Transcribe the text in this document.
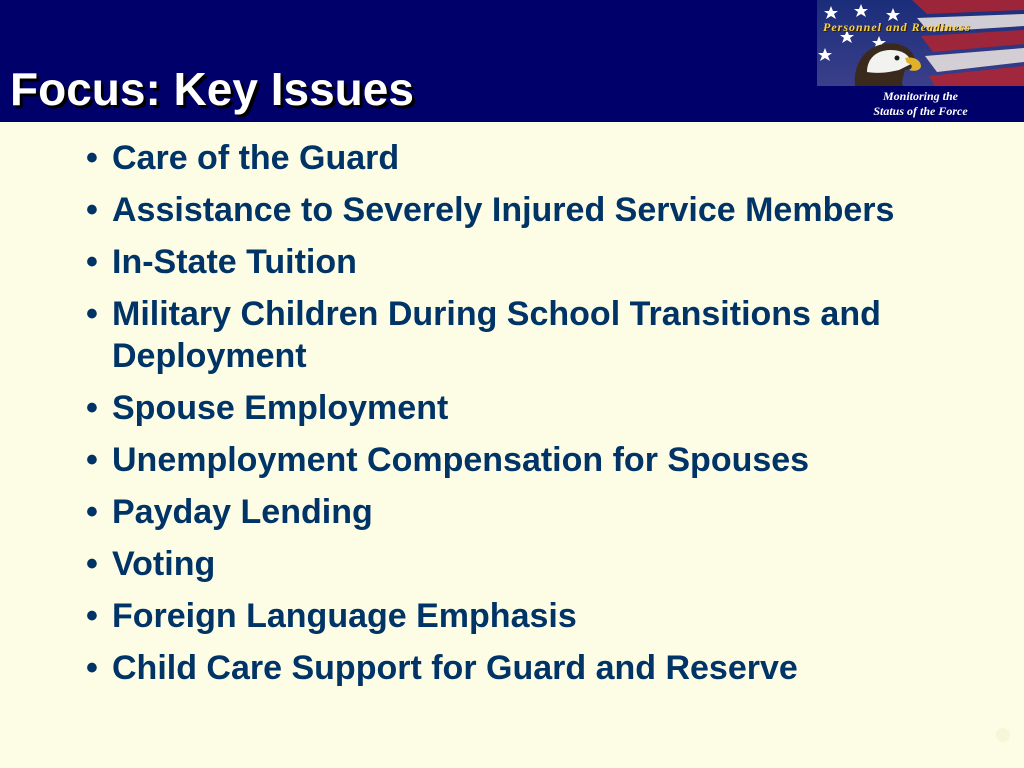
Focus: Key Issues
Personnel and Readiness
Monitoring the
Status of the Force
• Care of the Guard
• Assistance to Severely Injured Service Members
• In-State Tuition
• Military Children During School Transitions and Deployment
• Spouse Employment
• Unemployment Compensation for Spouses
• Payday Lending
• Voting
• Foreign Language Emphasis
• Child Care Support for Guard and Reserve
